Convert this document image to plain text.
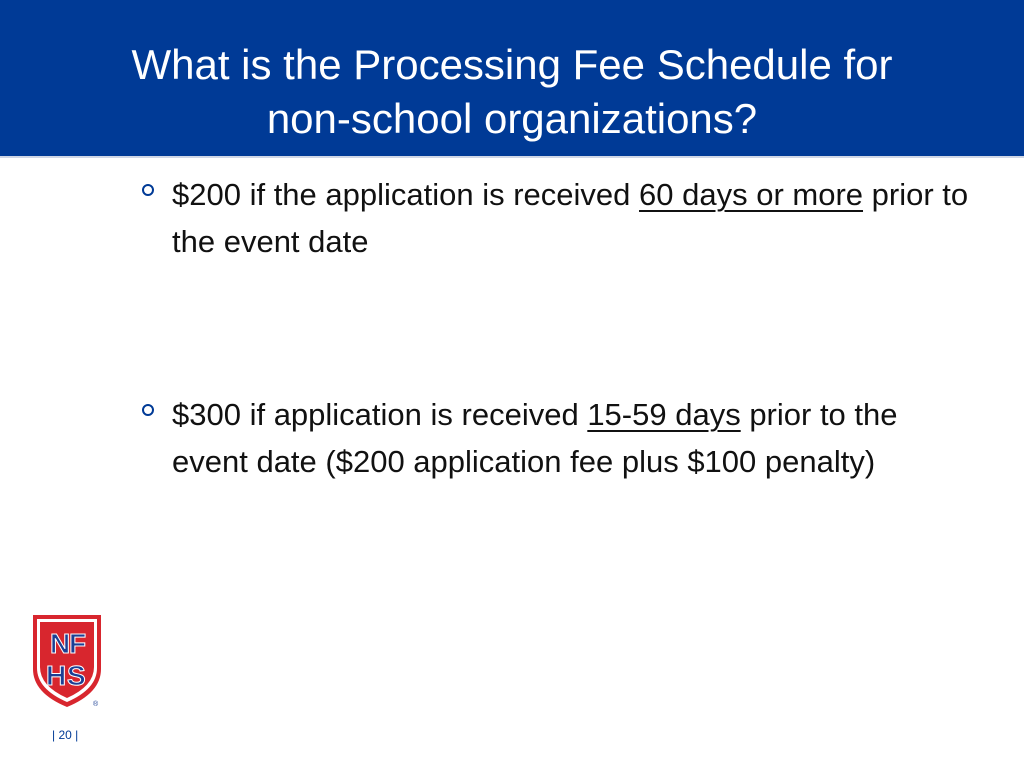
What is the Processing Fee Schedule for
non-school organizations?
$200 if the application is received 60 days or more prior to the event date
$300 if application is received 15-59 days prior to the event date ($200 application fee plus $100 penalty)
N
F
H S
®
| 20 |
